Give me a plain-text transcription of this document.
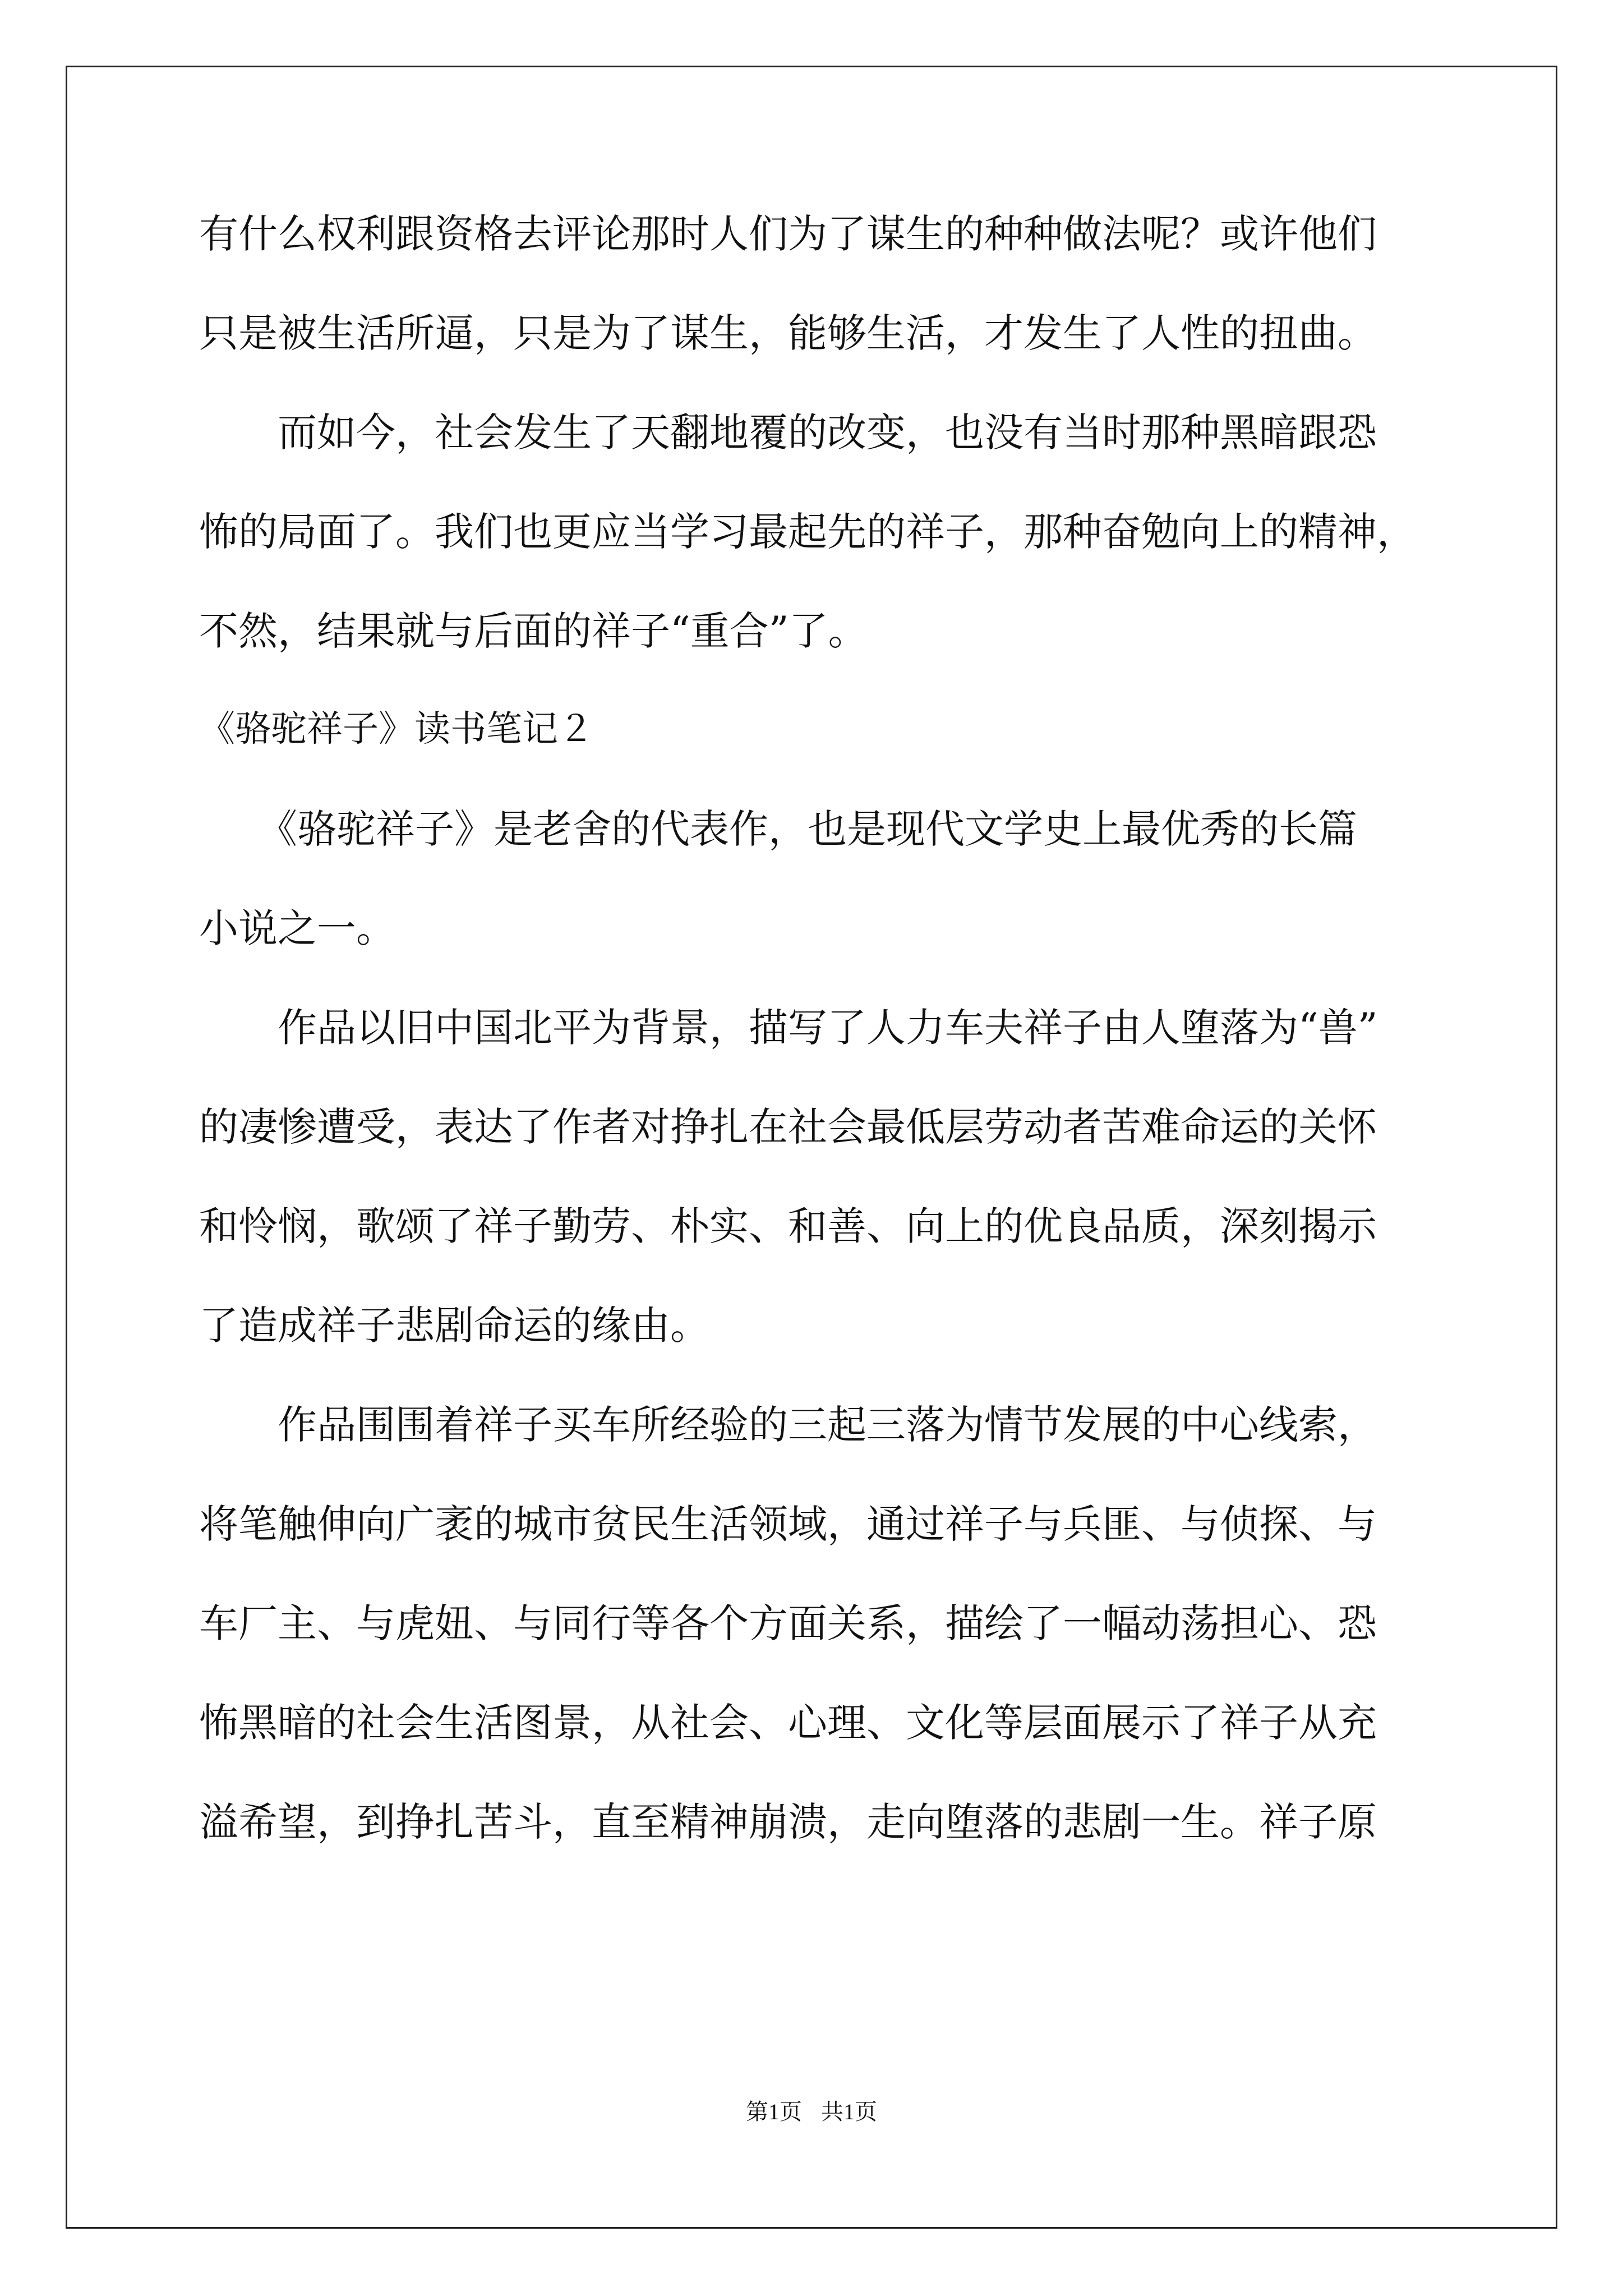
有什么权利跟资格去评论那时人们为了谋生的种种做法呢？或许他们
只是被生活所逼，只是为了谋生，能够生活，才发生了人性的扭曲。
　　而如今，社会发生了天翻地覆的改变，也没有当时那种黑暗跟恐
怖的局面了。我们也更应当学习最起先的祥子，那种奋勉向上的精神，
不然，结果就与后面的祥子“重合”了。
《骆驼祥子》读书笔记２
　　《骆驼祥子》是老舍的代表作，也是现代文学史上最优秀的长篇
小说之一。
　　作品以旧中国北平为背景，描写了人力车夫祥子由人堕落为“兽”
的凄惨遭受，表达了作者对挣扎在社会最低层劳动者苦难命运的关怀
和怜悯，歌颂了祥子勤劳、朴实、和善、向上的优良品质，深刻揭示
了造成祥子悲剧命运的缘由。
　　作品围围着祥子买车所经验的三起三落为情节发展的中心线索，
将笔触伸向广袤的城市贫民生活领域，通过祥子与兵匪、与侦探、与
车厂主、与虎妞、与同行等各个方面关系，描绘了一幅动荡担心、恐
怖黑暗的社会生活图景，从社会、心理、文化等层面展示了祥子从充
溢希望，到挣扎苦斗，直至精神崩溃，走向堕落的悲剧一生。祥子原
第1页 共1页
